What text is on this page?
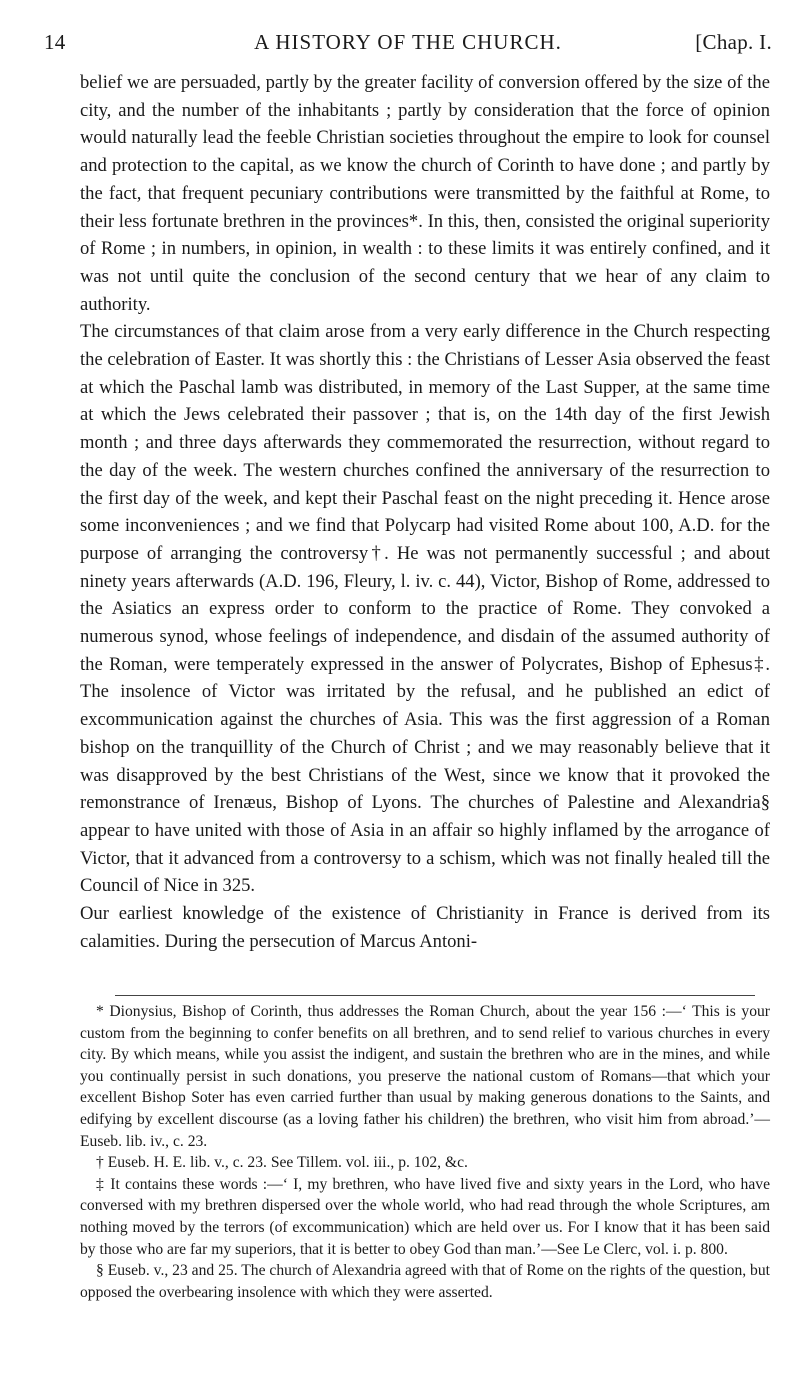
14	A HISTORY OF THE CHURCH.	[Chap. I.

belief we are persuaded, partly by the greater facility of conversion offered by the size of the city, and the number of the inhabitants ; partly by consideration that the force of opinion would naturally lead the feeble Christian societies throughout the empire to look for counsel and protection to the capital, as we know the church of Corinth to have done ; and partly by the fact, that frequent pecuniary contributions were transmitted by the faithful at Rome, to their less fortunate brethren in the provinces*. In this, then, consisted the original superiority of Rome ; in numbers, in opinion, in wealth : to these limits it was entirely confined, and it was not until quite the conclusion of the second century that we hear of any claim to authority.

The circumstances of that claim arose from a very early difference in the Church respecting the celebration of Easter. It was shortly this : the Christians of Lesser Asia observed the feast at which the Paschal lamb was distributed, in memory of the Last Supper, at the same time at which the Jews celebrated their passover ; that is, on the 14th day of the first Jewish month ; and three days afterwards they commemorated the resurrection, without regard to the day of the week. The western churches confined the anniversary of the resurrection to the first day of the week, and kept their Paschal feast on the night preceding it. Hence arose some inconveniences ; and we find that Polycarp had visited Rome about 100, A.D. for the purpose of arranging the controversy†. He was not permanently successful ; and about ninety years afterwards (A.D. 196, Fleury, l. iv. c. 44), Victor, Bishop of Rome, addressed to the Asiatics an express order to conform to the practice of Rome. They convoked a numerous synod, whose feelings of independence, and disdain of the assumed authority of the Roman, were temperately expressed in the answer of Polycrates, Bishop of Ephesus‡. The insolence of Victor was irritated by the refusal, and he published an edict of excommunication against the churches of Asia. This was the first aggression of a Roman bishop on the tranquillity of the Church of Christ ; and we may reasonably believe that it was disapproved by the best Christians of the West, since we know that it provoked the remonstrance of Irenæus, Bishop of Lyons. The churches of Palestine and Alexandria§ appear to have united with those of Asia in an affair so highly inflamed by the arrogance of Victor, that it advanced from a controversy to a schism, which was not finally healed till the Council of Nice in 325.

Our earliest knowledge of the existence of Christianity in France is derived from its calamities. During the persecution of Marcus Antoni-

* Dionysius, Bishop of Corinth, thus addresses the Roman Church, about the year 156 :—‘ This is your custom from the beginning to confer benefits on all brethren, and to send relief to various churches in every city. By which means, while you assist the indigent, and sustain the brethren who are in the mines, and while you continually persist in such donations, you preserve the national custom of Romans—that which your excellent Bishop Soter has even carried further than usual by making generous donations to the Saints, and edifying by excellent discourse (as a loving father his children) the brethren, who visit him from abroad.’—Euseb. lib. iv., c. 23.

† Euseb. H. E. lib. v., c. 23. See Tillem. vol. iii., p. 102, &c.

‡ It contains these words :—‘ I, my brethren, who have lived five and sixty years in the Lord, who have conversed with my brethren dispersed over the whole world, who had read through the whole Scriptures, am nothing moved by the terrors (of excommunication) which are held over us. For I know that it has been said by those who are far my superiors, that it is better to obey God than man.’—See Le Clerc, vol. i. p. 800.

§ Euseb. v., 23 and 25. The church of Alexandria agreed with that of Rome on the rights of the question, but opposed the overbearing insolence with which they were asserted.
